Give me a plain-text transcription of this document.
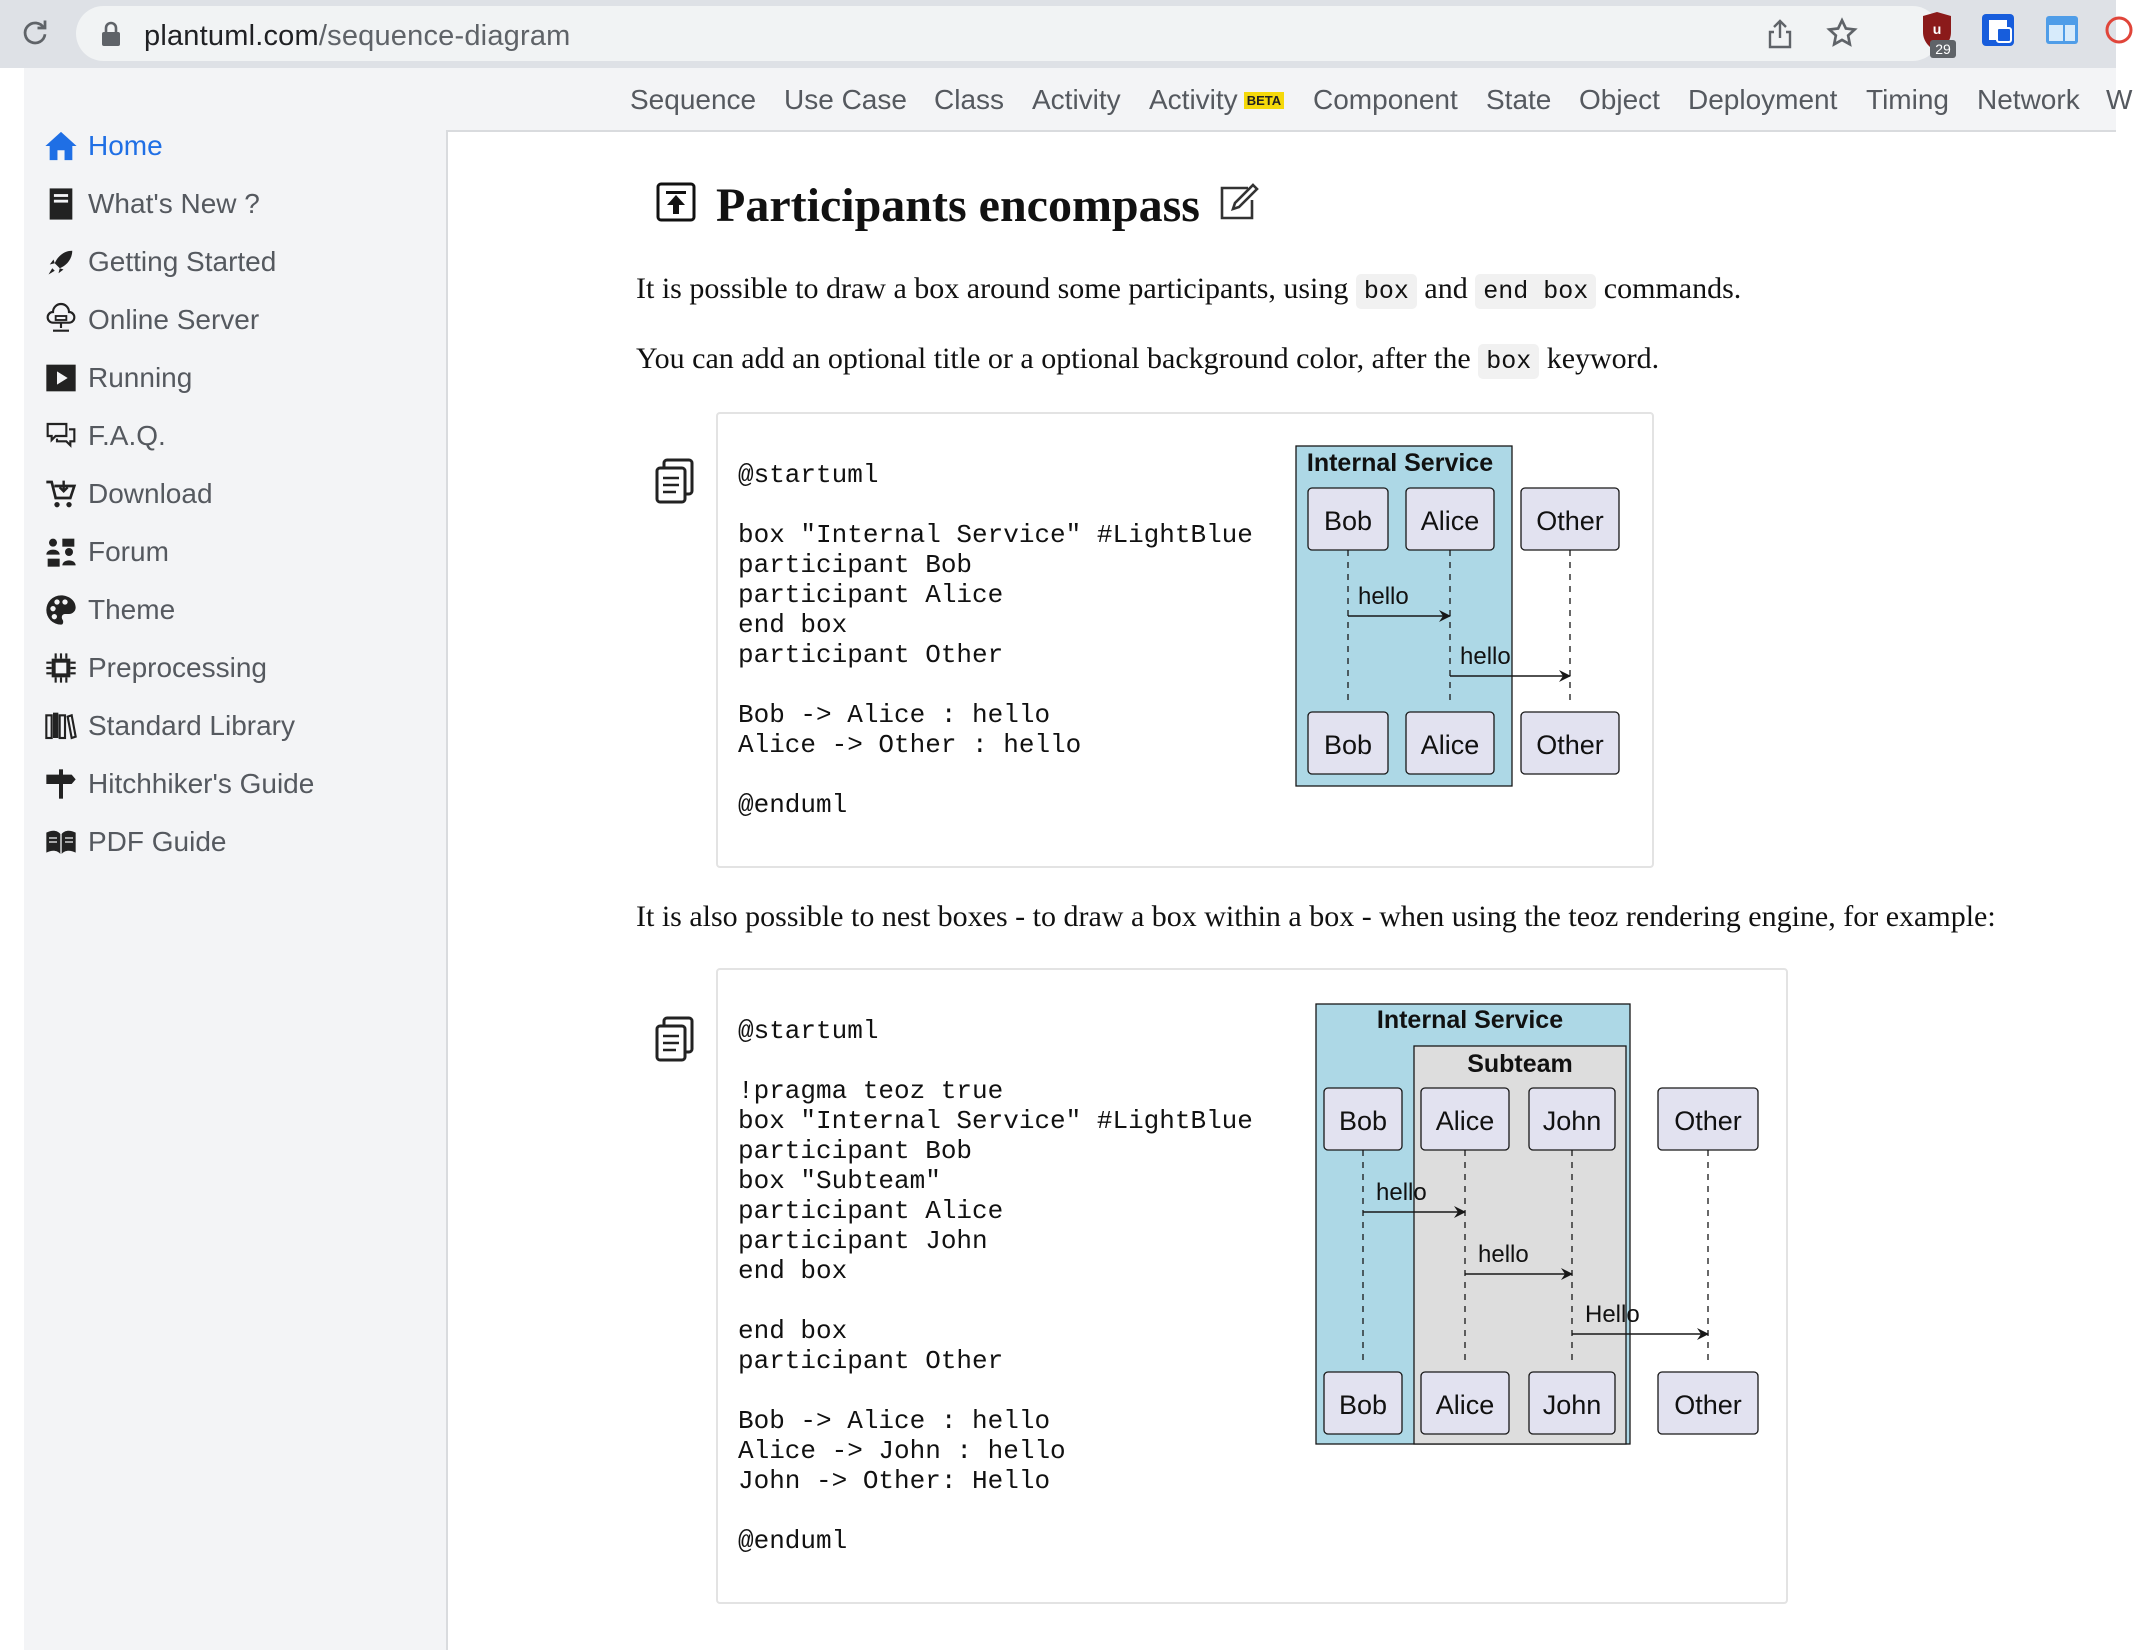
plantuml.com/sequence-diagram	u
29
Home
What's New ?
Getting Started
Online Server
Running
F.A.Q.
Download
Forum
Theme
Preprocessing
Standard Library
Hitchhiker's Guide
PDF Guide
Sequence Use Case Class Activity Activity BETA Component State Object Deployment Timing Network W
Participants encompass
It is possible to draw a box around some participants, using box and end box commands.
You can add an optional title or a optional background color, after the box keyword.
@startuml

box "Internal Service" #LightBlue
participant Bob
participant Alice
end box
participant Other

Bob -> Alice : hello
Alice -> Other : hello

@enduml
Internal Service
Bob Alice Other
hello
hello
Bob Alice Other
It is also possible to nest boxes - to draw a box within a box - when using the teoz rendering engine, for example:
@startuml

!pragma teoz true
box "Internal Service" #LightBlue
participant Bob
box "Subteam"
participant Alice
participant John
end box

end box
participant Other

Bob -> Alice : hello
Alice -> John : hello
John -> Other: Hello

@enduml
Internal Service
Subteam
Bob Alice John	Other
hello
hello
Hello
Bob Alice John	Other
